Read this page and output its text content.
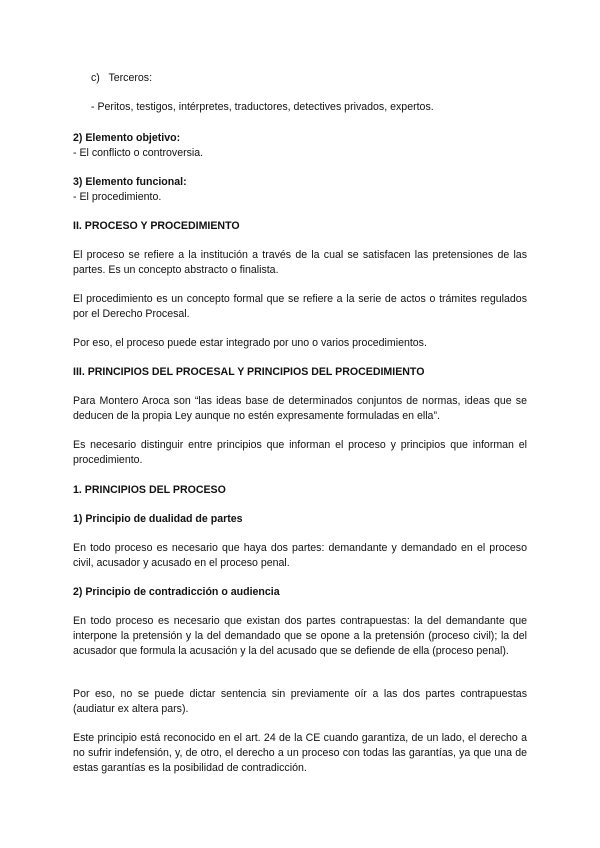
c) Terceros:

- Peritos, testigos, intérpretes, traductores, detectives privados, expertos.

2) Elemento objetivo:

- El conflicto o controversia.

3) Elemento funcional:

- El procedimiento.

II. PROCESO Y PROCEDIMIENTO

El proceso se refiere a la institución a través de la cual se satisfacen las pretensiones de las partes. Es un concepto abstracto o finalista.

El procedimiento es un concepto formal que se refiere a la serie de actos o trámites regulados por el Derecho Procesal.

Por eso, el proceso puede estar integrado por uno o varios procedimientos.

III. PRINCIPIOS DEL PROCESAL Y PRINCIPIOS DEL PROCEDIMIENTO

Para Montero Aroca son “las ideas base de determinados conjuntos de normas, ideas que se deducen de la propia Ley aunque no estén expresamente formuladas en ella”.

Es necesario distinguir entre principios que informan el proceso y principios que informan el procedimiento.

1. PRINCIPIOS DEL PROCESO

1) Principio de dualidad de partes

En todo proceso es necesario que haya dos partes: demandante y demandado en el proceso civil, acusador y acusado en el proceso penal.

2) Principio de contradicción o audiencia

En todo proceso es necesario que existan dos partes contrapuestas: la del demandante que interpone la pretensión y la del demandado que se opone a la pretensión (proceso civil); la del acusador que formula la acusación y la del acusado que se defiende de ella (proceso penal).

Por eso, no se puede dictar sentencia sin previamente oír a las dos partes contrapuestas (audiatur ex altera pars).

Este principio está reconocido en el art. 24 de la CE cuando garantiza, de un lado, el derecho a no sufrir indefensión, y, de otro, el derecho a un proceso con todas las garantías, ya que una de estas garantías es la posibilidad de contradicción.
